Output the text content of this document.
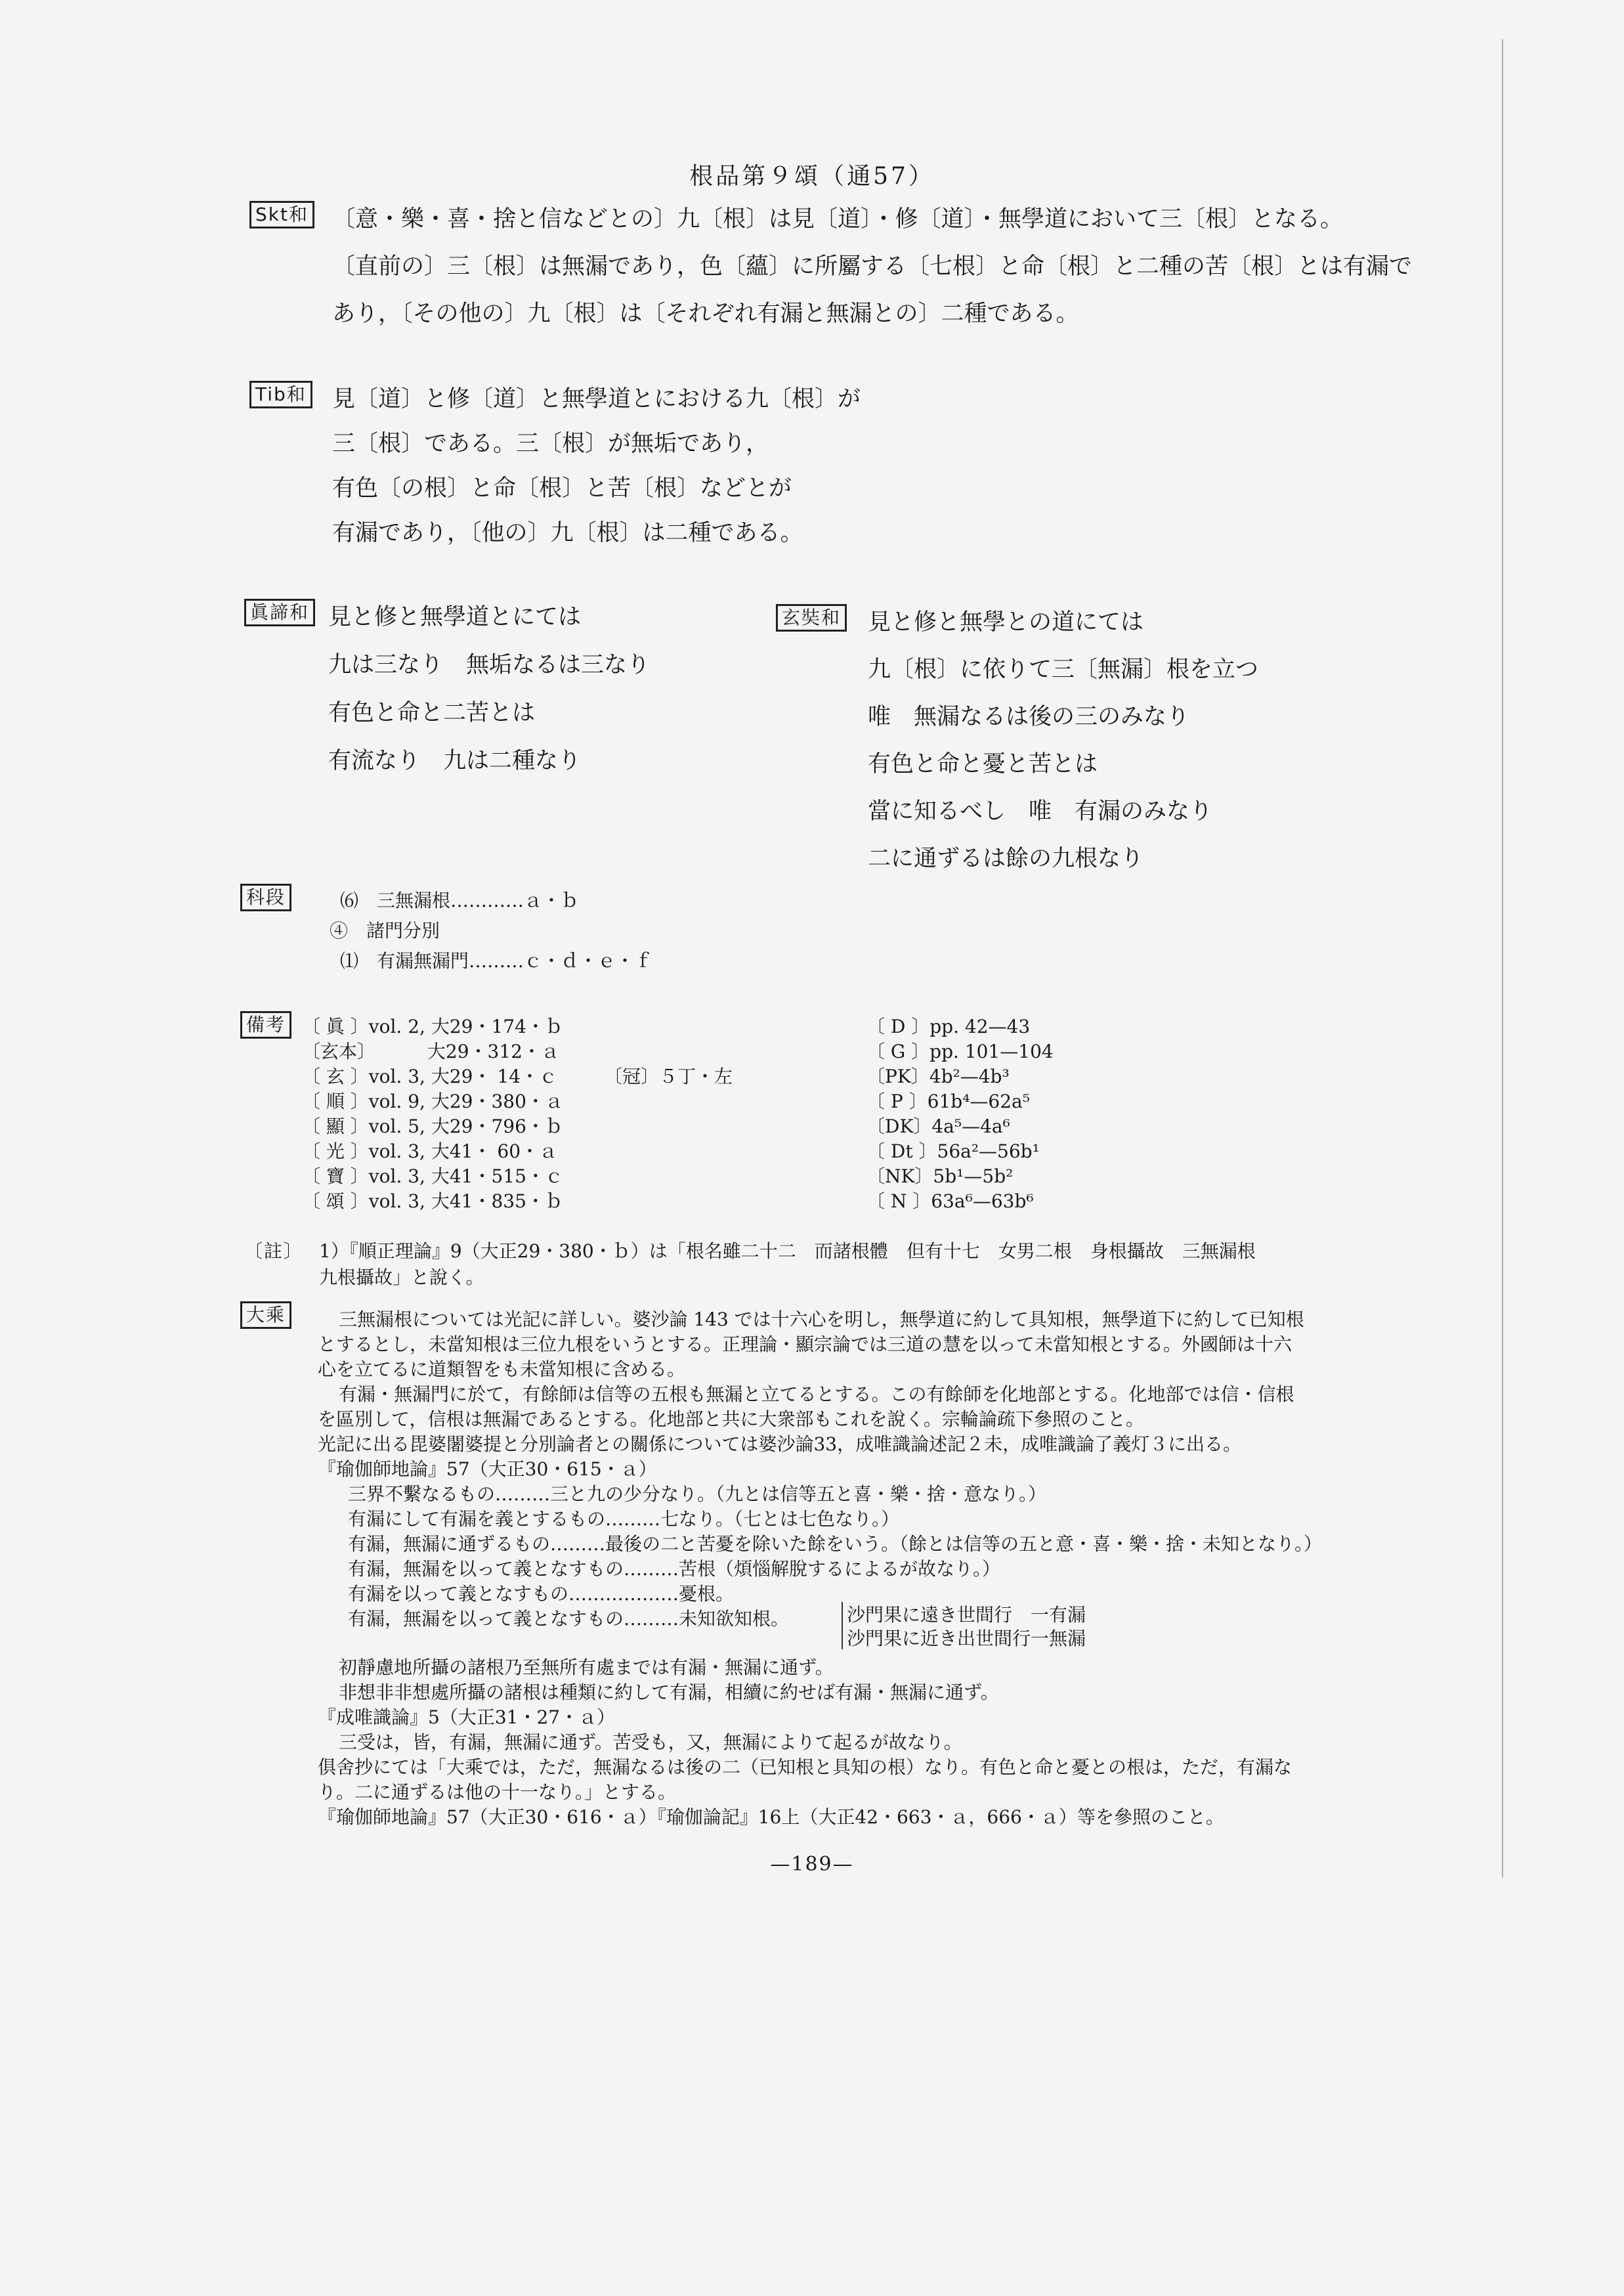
根品第９頌（通57）
Skt和 〔意・樂・喜・捨と信などとの〕九〔根〕は見〔道〕・修〔道〕・無學道において三〔根〕となる。
〔直前の〕三〔根〕は無漏であり，色〔蘊〕に所屬する〔七根〕と命〔根〕と二種の苦〔根〕とは有漏で
あり，〔その他の〕九〔根〕は〔それぞれ有漏と無漏との〕二種である。
Tib和 見〔道〕と修〔道〕と無學道とにおける九〔根〕が
三〔根〕である。三〔根〕が無垢であり，
有色〔の根〕と命〔根〕と苦〔根〕などとが
有漏であり，〔他の〕九〔根〕は二種である。
眞諦和 見と修と無學道とにては
九は三なり　無垢なるは三なり
有色と命と二苦とは
有流なり　九は二種なり
玄奘和 見と修と無學との道にては
九〔根〕に依りて三〔無漏〕根を立つ
唯　無漏なるは後の三のみなり
有色と命と憂と苦とは
當に知るべし　唯　有漏のみなり
二に通ずるは餘の九根なり
科段	⑹　三無漏根…………ａ・ｂ
④　諸門分別
⑴　有漏無漏門………ｃ・ｄ・ｅ・ｆ
備考 〔 眞 〕vol. 2, 大29・174・ｂ
〔玄本〕　　　 大29・312・ａ
〔 玄 〕vol. 3, 大29・ 14・ｃ
〔 順 〕vol. 9, 大29・380・ａ
〔 顯 〕vol. 5, 大29・796・ｂ
〔 光 〕vol. 3, 大41・ 60・ａ
〔 寶 〕vol. 3, 大41・515・ｃ
〔 頌 〕vol. 3, 大41・835・ｂ
〔冠〕５丁・左
〔 D 〕pp. 42—43
〔 G 〕pp. 101—104
〔PK〕4b²—4b³
〔 P 〕61b⁴—62a⁵
〔DK〕4a⁵—4a⁶
〔 Dt 〕56a²—56b¹
〔NK〕5b¹—5b²
〔 N 〕63a⁶—63b⁶
〔註〕 1）『順正理論』9（大正29・380・ｂ）は「根名雖二十二　而諸根體　但有十七　女男二根　身根攝故　三無漏根
九根攝故」と說く。
大乘	三無漏根については光記に詳しい。婆沙論 143 では十六心を明し，無學道に約して具知根，無學道下に約して已知根
とするとし，未當知根は三位九根をいうとする。正理論・顯宗論では三道の慧を以って未當知根とする。外國師は十六
心を立てるに道類智をも未當知根に含める。
有漏・無漏門に於て，有餘師は信等の五根も無漏と立てるとする。この有餘師を化地部とする。化地部では信・信根
を區別して，信根は無漏であるとする。化地部と共に大衆部もこれを說く。宗輪論疏下參照のこと。
光記に出る毘婆闍婆提と分別論者との關係については婆沙論33，成唯識論述記２未，成唯識論了義灯３に出る。
『瑜伽師地論』57（大正30・615・ａ）
三界不繫なるもの………三と九の少分なり。（九とは信等五と喜・樂・捨・意なり。）
有漏にして有漏を義とするもの………七なり。（七とは七色なり。）
有漏，無漏に通ずるもの………最後の二と苦憂を除いた餘をいう。（餘とは信等の五と意・喜・樂・捨・未知となり。）
有漏，無漏を以って義となすもの………苦根（煩惱解脫するによるが故なり。）
有漏を以って義となすもの………………憂根。
有漏，無漏を以って義となすもの………未知欲知根。	沙門果に遠き世間行　一有漏
沙門果に近き出世間行一無漏
初靜慮地所攝の諸根乃至無所有處までは有漏・無漏に通ず。
非想非非想處所攝の諸根は種類に約して有漏，相續に約せば有漏・無漏に通ず。
『成唯識論』5（大正31・27・ａ）
三受は，皆，有漏，無漏に通ず。苦受も，又，無漏によりて起るが故なり。
俱舍抄にては「大乘では，ただ，無漏なるは後の二（已知根と具知の根）なり。有色と命と憂との根は，ただ，有漏な
り。二に通ずるは他の十一なり。」とする。
『瑜伽師地論』57（大正30・616・ａ）『瑜伽論記』16上（大正42・663・ａ，666・ａ）等を參照のこと。
—189—
